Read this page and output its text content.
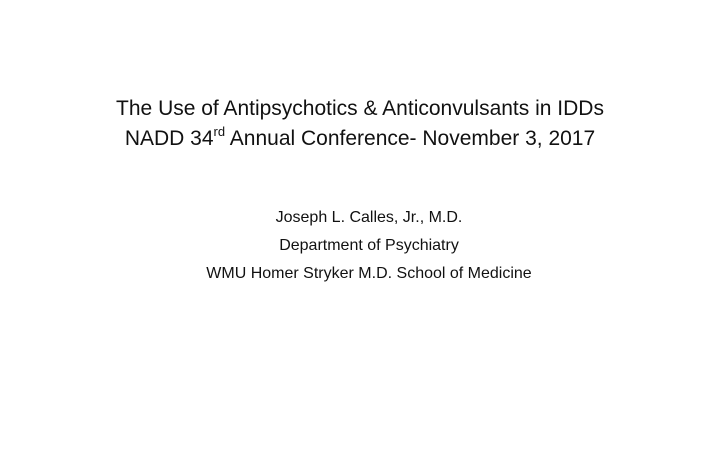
The Use of Antipsychotics & Anticonvulsants in IDDs
NADD 34rd Annual Conference- November 3, 2017
Joseph L. Calles, Jr., M.D.
Department of Psychiatry
WMU Homer Stryker M.D. School of Medicine
